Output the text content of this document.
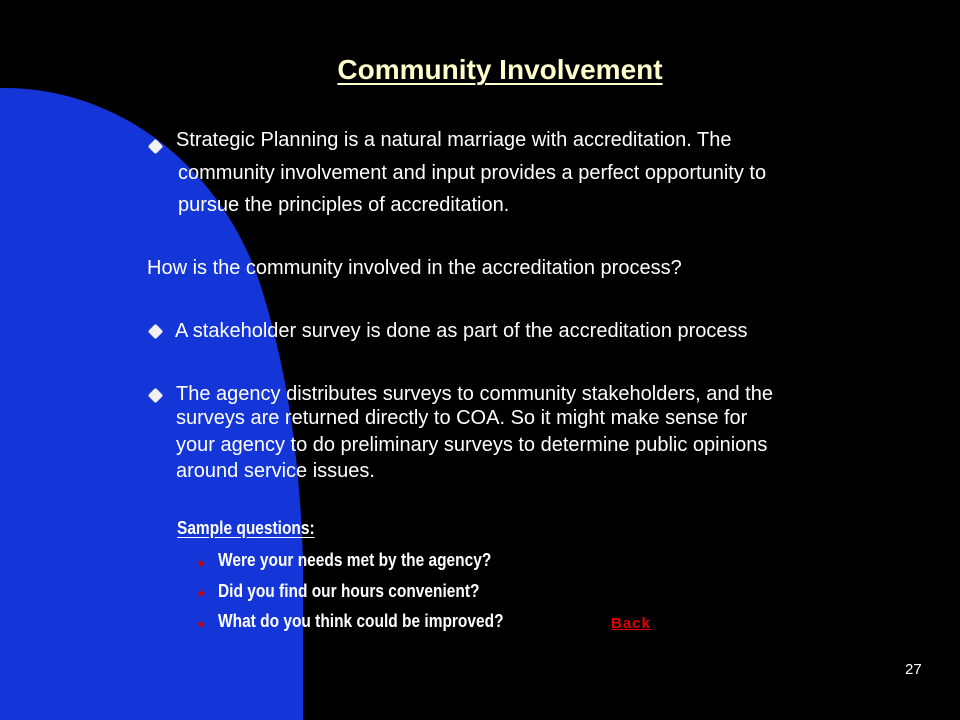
Community Involvement
Strategic Planning is a natural marriage with accreditation. The
community involvement and input provides a perfect opportunity to
pursue the principles of accreditation.
How is the community involved in the accreditation process?
A stakeholder survey is done as part of the accreditation process
The agency distributes surveys to community stakeholders, and the
surveys are returned directly to COA. So it might make sense for
your agency to do preliminary surveys to determine public opinions
around service issues.
Sample questions:
★ Were your needs met by the agency?
★ Did you find our hours convenient?
★ What do you think could be improved?	Back
27
